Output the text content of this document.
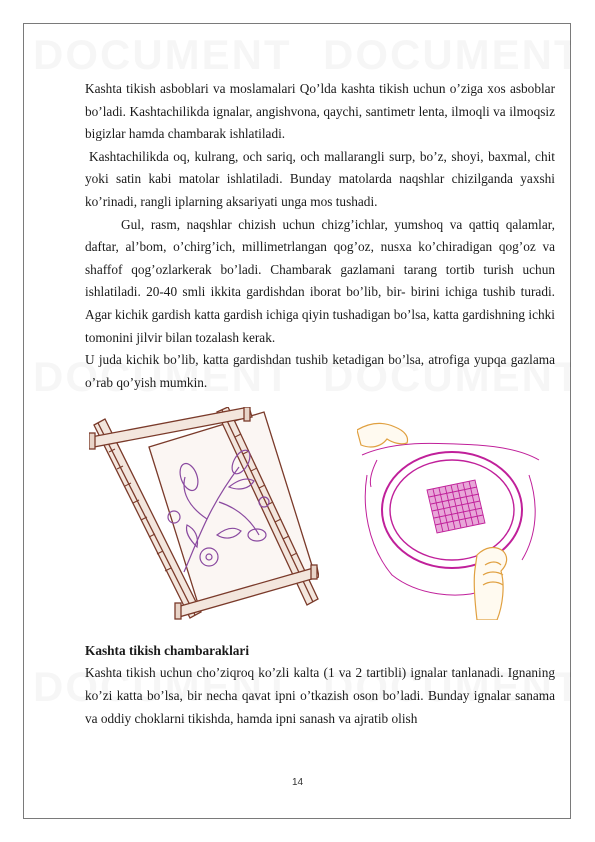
Kashta tikish asboblari va moslamalari Qo’lda kashta tikish uchun o’ziga xos asboblar bo’ladi. Kashtachilikda ignalar, angishvona, qaychi, santimetr lenta, ilmoqli va ilmoqsiz bigizlar hamda chambarak ishlatiladi.

Kashtachilikda oq, kulrang, och sariq, och mallarangli surp, bo’z, shoyi, baxmal, chit yoki satin kabi matolar ishlatiladi. Bunday matolarda naqshlar chizilganda yaxshi ko’rinadi, rangli iplarning aksariyati unga mos tushadi.

Gul, rasm, naqshlar chizish uchun chizg’ichlar, yumshoq va qattiq qalamlar, daftar, al’bom, o’chirg’ich, millimetrlangan qog’oz, nusxa ko’chiradigan qog’oz va shaffof qog’ozlarkerak bo’ladi. Chambarak gazlamani tarang tortib turish uchun ishlatiladi. 20-40 smli ikkita gardishdan iborat bo’lib, bir- birini ichiga tushib turadi. Agar kichik gardish katta gardish ichiga qiyin tushadigan bo’lsa, katta gardishning ichki tomonini jilvir bilan tozalash kerak.

U juda kichik bo’lib, katta gardishdan tushib ketadigan bo’lsa, atrofiga yupqa gazlama o’rab qo’yish mumkin.

Kashta tikish chambaraklari

Kashta tikish uchun cho’ziqroq ko’zli kalta (1 va 2 tartibli) ignalar tanlanadi. Ignaning ko’zi katta bo’lsa, bir necha qavat ipni o’tkazish oson bo’ladi. Bunday ignalar sanama va oddiy choklarni tikishda, hamda ipni sanash va ajratib olish

14
